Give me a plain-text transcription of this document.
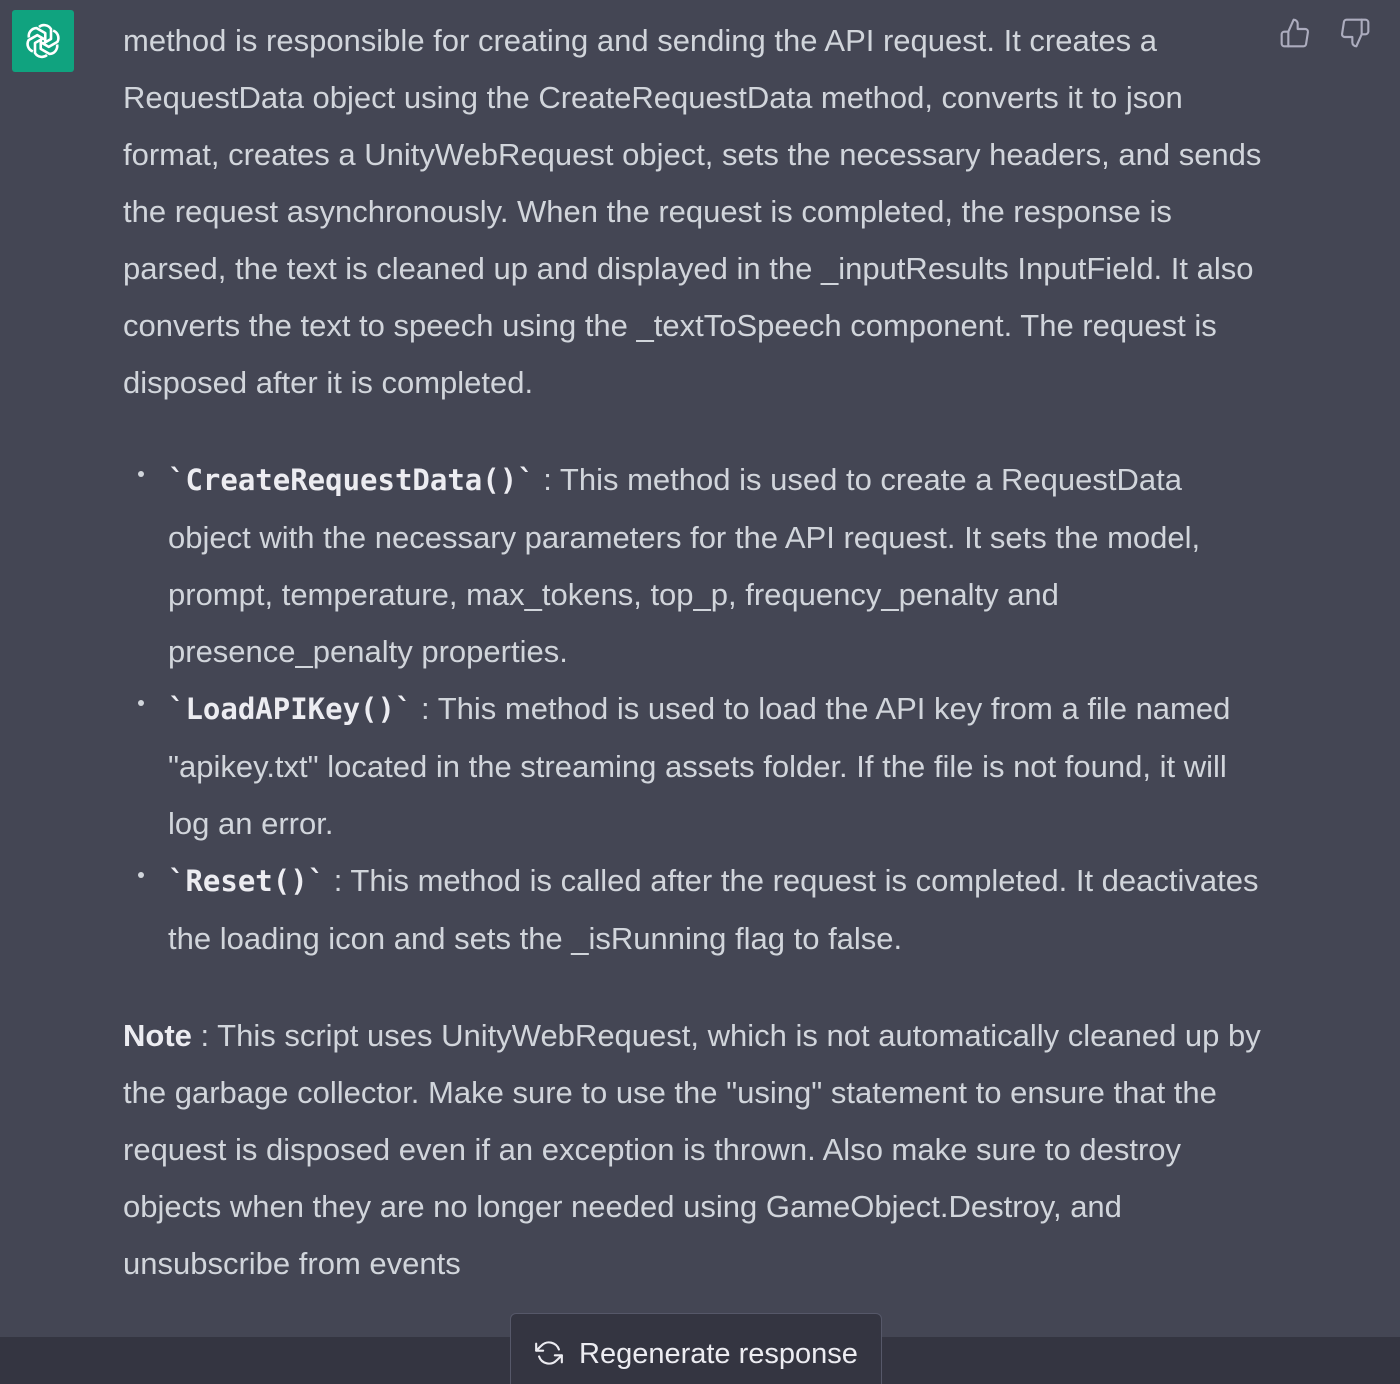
method is responsible for creating and sending the API request. It creates a RequestData object using the CreateRequestData method, converts it to json format, creates a UnityWebRequest object, sets the necessary headers, and sends the request asynchronously. When the request is completed, the response is parsed, the text is cleaned up and displayed in the _inputResults InputField. It also converts the text to speech using the _textToSpeech component. The request is disposed after it is completed.

`CreateRequestData()` : This method is used to create a RequestData object with the necessary parameters for the API request. It sets the model, prompt, temperature, max_tokens, top_p, frequency_penalty and presence_penalty properties.
`LoadAPIKey()` : This method is used to load the API key from a file named "apikey.txt" located in the streaming assets folder. If the file is not found, it will log an error.
`Reset()` : This method is called after the request is completed. It deactivates the loading icon and sets the _isRunning flag to false.

Note : This script uses UnityWebRequest, which is not automatically cleaned up by the garbage collector. Make sure to use the "using" statement to ensure that the request is disposed even if an exception is thrown. Also make sure to destroy objects when they are no longer needed using GameObject.Destroy, and unsubscribe from events

Regenerate response
